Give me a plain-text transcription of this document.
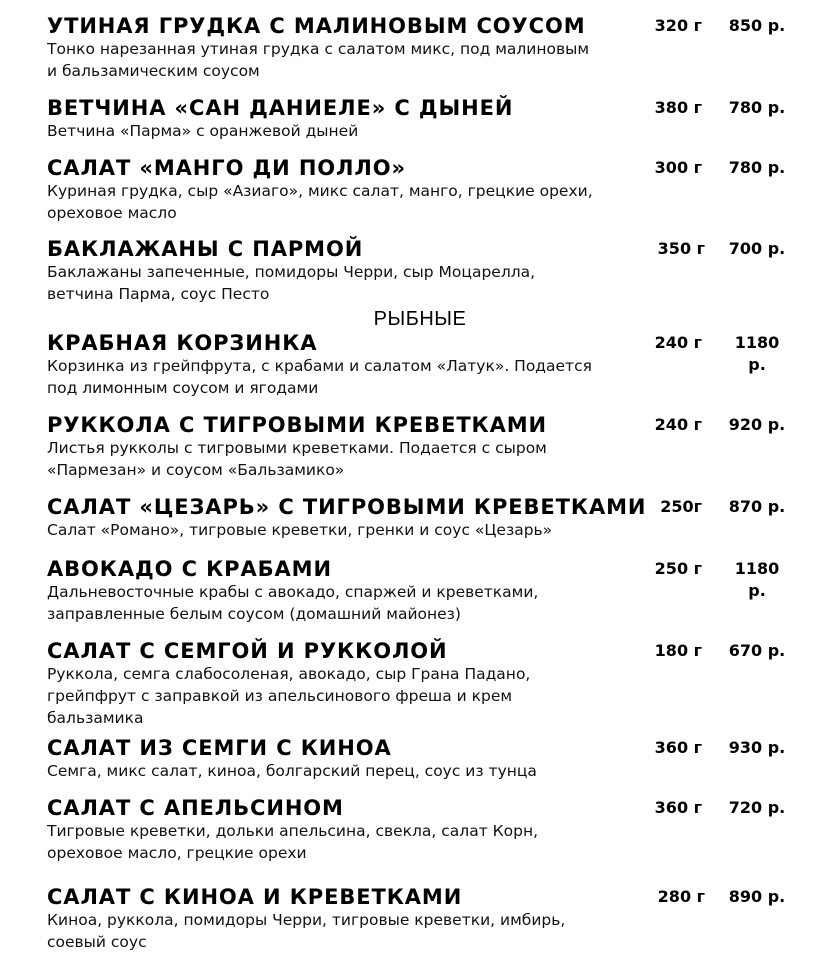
РЫБНЫЕ
УТИНАЯ ГРУДКА С МАЛИНОВЫМ СОУСОМ
Тонко нарезанная утиная грудка с салатом микс, под малиновым
и бальзамическим соусом
320 г	850 р.
ВЕТЧИНА «САН ДАНИЕЛЕ» С ДЫНЕЙ
Ветчина «Парма» с оранжевой дыней
380 г	780 р.
САЛАТ «МАНГО ДИ ПОЛЛО»
Куриная грудка, сыр «Азиаго», микс салат, манго, грецкие орехи,
ореховое масло
300 г	780 р.
БАКЛАЖАНЫ С ПАРМОЙ
Баклажаны запеченные, помидоры Черри, сыр Моцарелла,
ветчина Парма, соус Песто
350 г	700 р.
КРАБНАЯ КОРЗИНКА
Корзинка из грейпфрута, с крабами и салатом «Латук». Подается
под лимонным соусом и ягодами
240 г	1180
р.
РУККОЛА С ТИГРОВЫМИ КРЕВЕТКАМИ
Листья рукколы с тигровыми креветками. Подается с сыром
«Пармезан» и соусом «Бальзамико»
240 г	920 р.
САЛАТ «ЦЕЗАРЬ» С ТИГРОВЫМИ КРЕВЕТКАМИ
Салат «Романо», тигровые креветки, гренки и соус «Цезарь»
250г	870 р.
АВОКАДО С КРАБАМИ
Дальневосточные крабы с авокадо, спаржей и креветками,
заправленные белым соусом (домашний майонез)
250 г	1180
р.
САЛАТ С СЕМГОЙ И РУККОЛОЙ
Руккола, семга слабосоленая, авокадо, сыр Грана Падано,
грейпфрут с заправкой из апельсинового фреша и крем
бальзамика
180 г	670 р.
САЛАТ ИЗ СЕМГИ С КИНОА
Семга, микс салат, киноа, болгарский перец, соус из тунца
360 г	930 р.
САЛАТ С АПЕЛЬСИНОМ
Тигровые креветки, дольки апельсина, свекла, салат Корн,
ореховое масло, грецкие орехи
360 г	720 р.
САЛАТ С КИНОА И КРЕВЕТКАМИ
Киноа, руккола, помидоры Черри, тигровые креветки, имбирь,
соевый соус
280 г	890 р.
